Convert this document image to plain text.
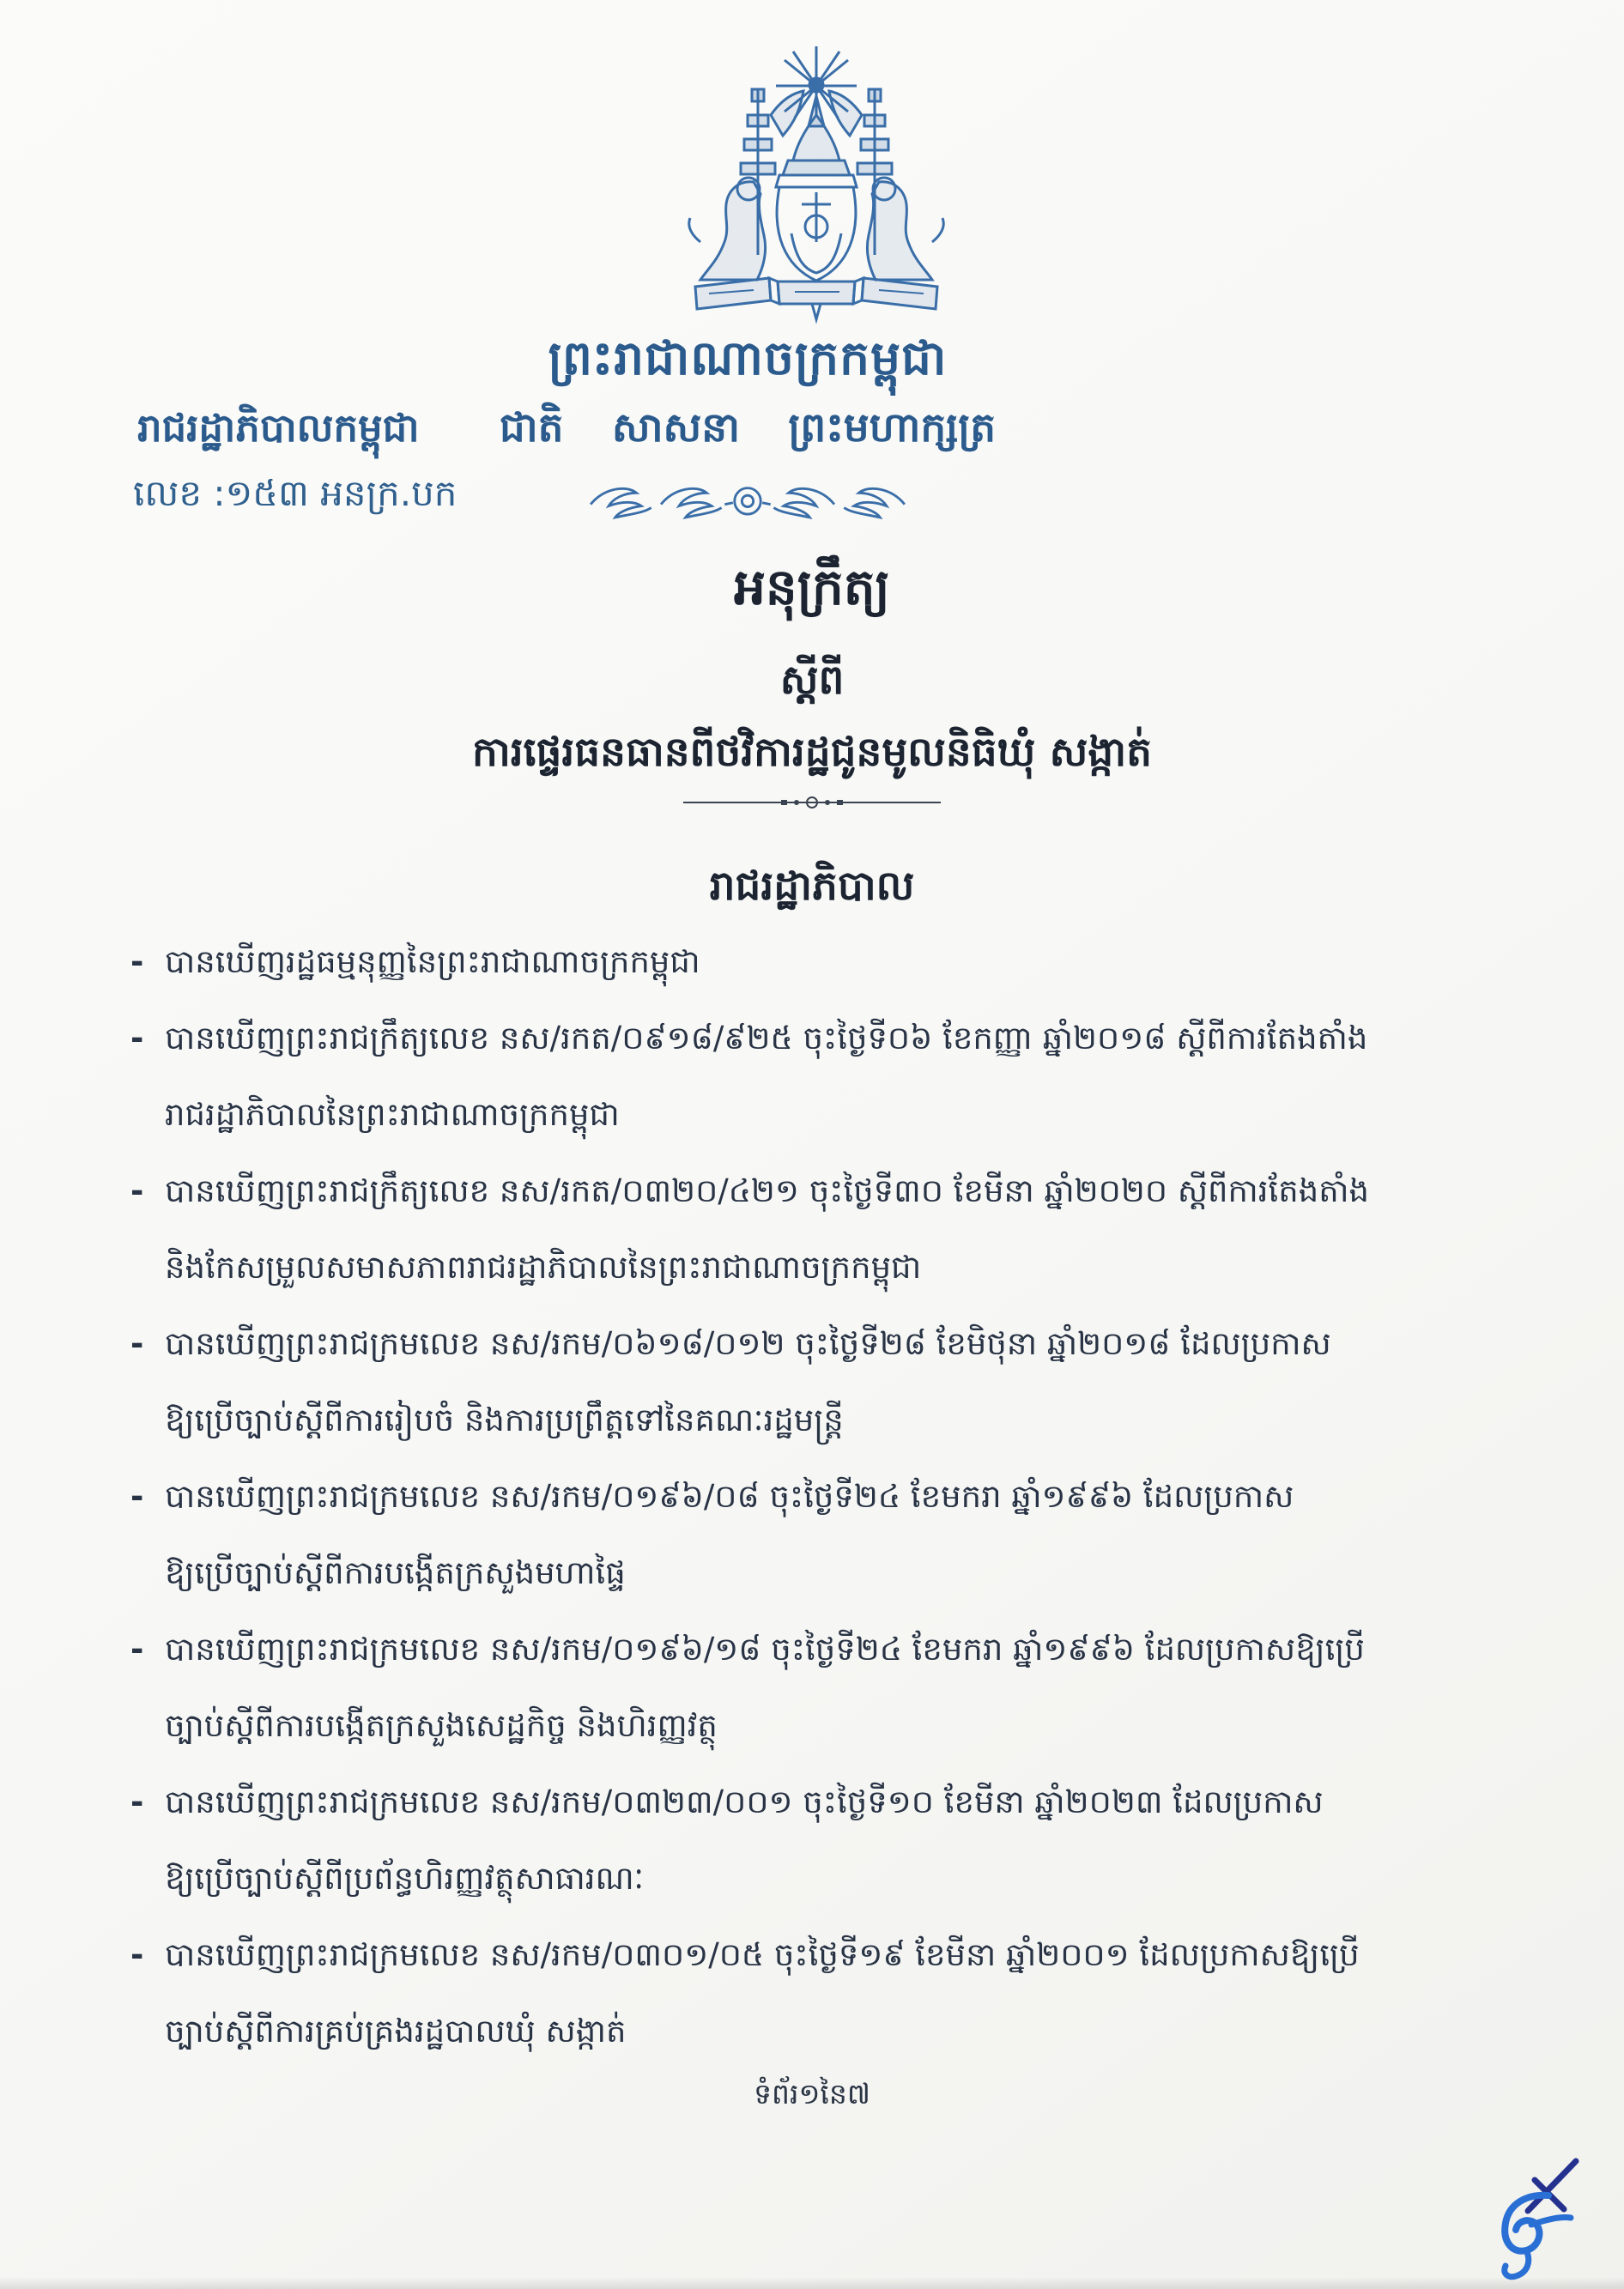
ព្រះរាជាណាចក្រកម្ពុជា
ជាតិ សាសនា ព្រះមហាក្សត្រ
រាជរដ្ឋាភិបាលកម្ពុជា
លេខ :១៥៣ អនក្រ.បក
អនុក្រឹត្យ
ស្តីពី
ការផ្ទេរធនធានពីថវិការដ្ឋជូនមូលនិធិឃុំ សង្កាត់
រាជរដ្ឋាភិបាល
- បានឃើញរដ្ឋធម្មនុញ្ញនៃព្រះរាជាណាចក្រកម្ពុជា
- បានឃើញព្រះរាជក្រឹត្យលេខ នស/រកត/០៩១៨/៩២៥ ចុះថ្ងៃទី០៦ ខែកញ្ញា ឆ្នាំ២០១៨ ស្តីពីការតែងតាំង
រាជរដ្ឋាភិបាលនៃព្រះរាជាណាចក្រកម្ពុជា
- បានឃើញព្រះរាជក្រឹត្យលេខ នស/រកត/០៣២០/៤២១ ចុះថ្ងៃទី៣០ ខែមីនា ឆ្នាំ២០២០ ស្តីពីការតែងតាំង
និងកែសម្រួលសមាសភាពរាជរដ្ឋាភិបាលនៃព្រះរាជាណាចក្រកម្ពុជា
- បានឃើញព្រះរាជក្រមលេខ នស/រកម/០៦១៨/០១២ ចុះថ្ងៃទី២៨ ខែមិថុនា ឆ្នាំ២០១៨ ដែលប្រកាស
ឱ្យប្រើច្បាប់ស្តីពីការរៀបចំ និងការប្រព្រឹត្តទៅនៃគណៈរដ្ឋមន្ត្រី
- បានឃើញព្រះរាជក្រមលេខ នស/រកម/០១៩៦/០៨ ចុះថ្ងៃទី២៤ ខែមករា ឆ្នាំ១៩៩៦ ដែលប្រកាស
ឱ្យប្រើច្បាប់ស្តីពីការបង្កើតក្រសួងមហាផ្ទៃ
- បានឃើញព្រះរាជក្រមលេខ នស/រកម/០១៩៦/១៨ ចុះថ្ងៃទី២៤ ខែមករា ឆ្នាំ១៩៩៦ ដែលប្រកាសឱ្យប្រើ
ច្បាប់ស្តីពីការបង្កើតក្រសួងសេដ្ឋកិច្ច និងហិរញ្ញវត្ថុ
- បានឃើញព្រះរាជក្រមលេខ នស/រកម/០៣២៣/០០១ ចុះថ្ងៃទី១០ ខែមីនា ឆ្នាំ២០២៣ ដែលប្រកាស
ឱ្យប្រើច្បាប់ស្តីពីប្រព័ន្ធហិរញ្ញវត្ថុសាធារណៈ
- បានឃើញព្រះរាជក្រមលេខ នស/រកម/០៣០១/០៥ ចុះថ្ងៃទី១៩ ខែមីនា ឆ្នាំ២០០១ ដែលប្រកាសឱ្យប្រើ
ច្បាប់ស្តីពីការគ្រប់គ្រងរដ្ឋបាលឃុំ សង្កាត់
ទំព័រ១នៃ៧
